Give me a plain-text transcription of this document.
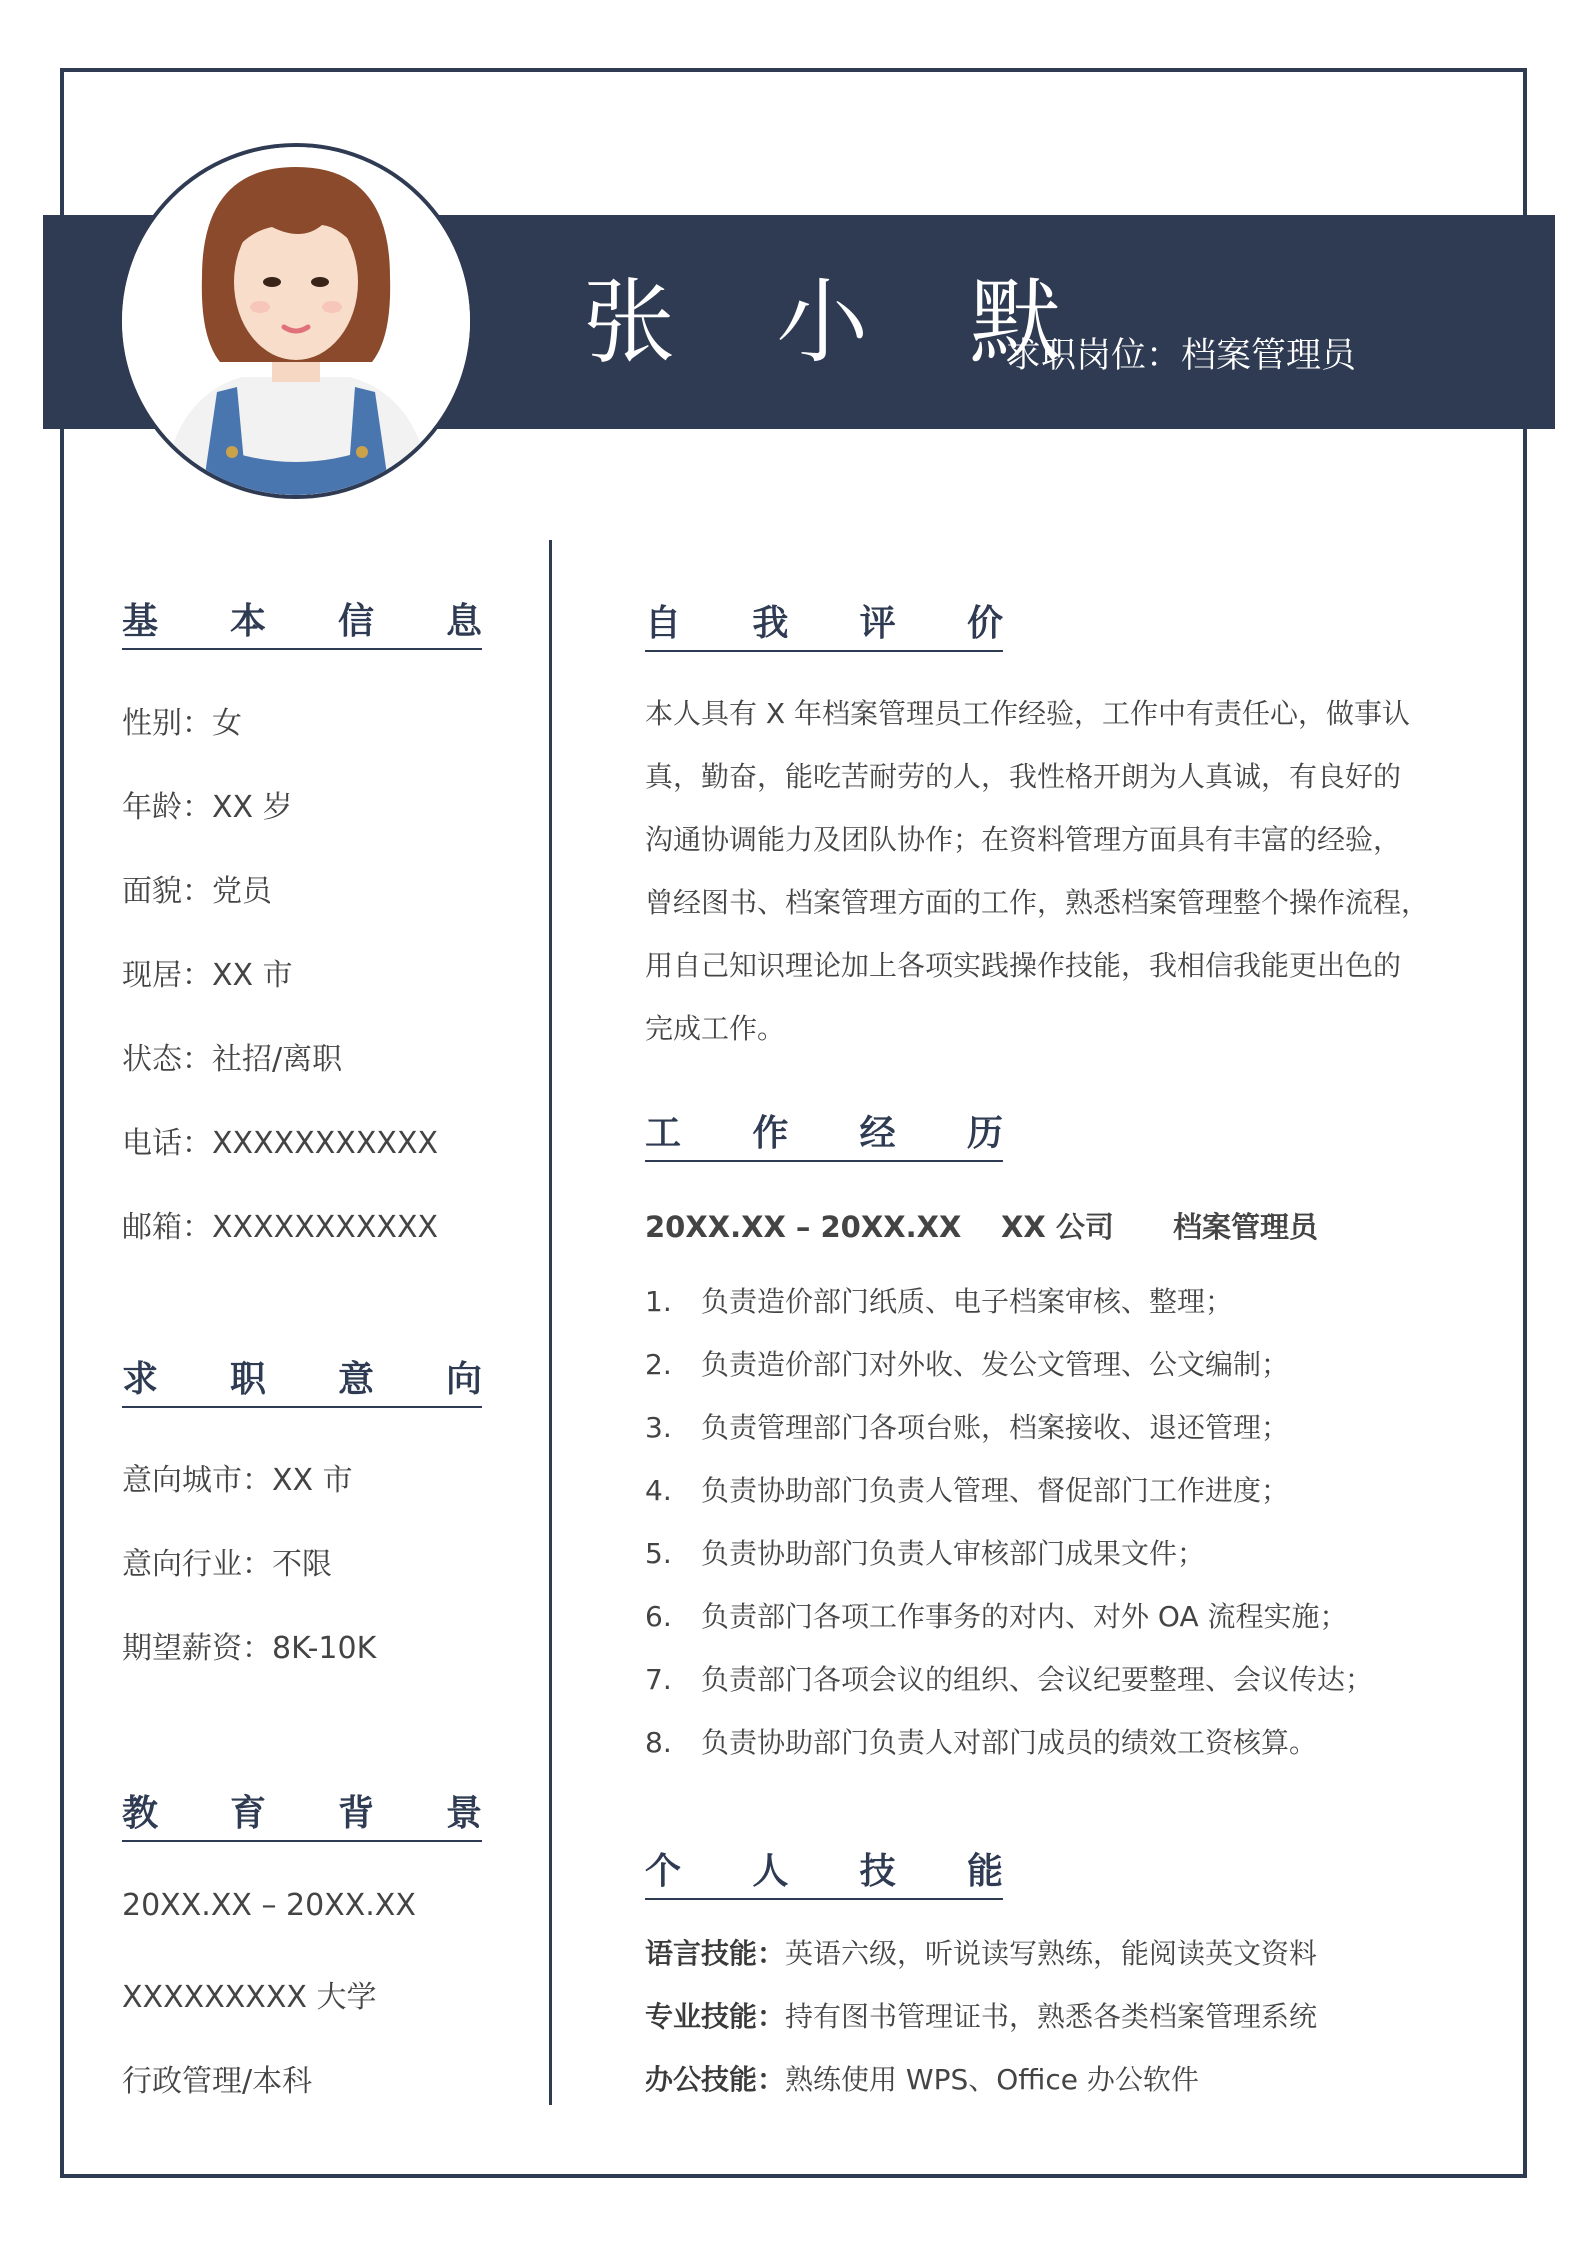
张 小 默
求职岗位：档案管理员
基 本 信 息
性别：女
年龄：XX 岁
面貌：党员
现居：XX 市
状态：社招/离职
电话：XXXXXXXXXXX
邮箱：XXXXXXXXXXX
求 职 意 向
意向城市：XX 市
意向行业：不限
期望薪资：8K-10K
教 育 背 景
20XX.XX – 20XX.XX
XXXXXXXXX 大学
行政管理/本科
自 我 评 价
本人具有 X 年档案管理员工作经验，工作中有责任心，做事认
真，勤奋，能吃苦耐劳的人，我性格开朗为人真诚，有良好的
沟通协调能力及团队协作；在资料管理方面具有丰富的经验，
曾经图书、档案管理方面的工作，熟悉档案管理整个操作流程，
用自己知识理论加上各项实践操作技能，我相信我能更出色的
完成工作。
工 作 经 历
20XX.XX – 20XX.XX XX 公司 档案管理员
1. 负责造价部门纸质、电子档案审核、整理；
2. 负责造价部门对外收、发公文管理、公文编制；
3. 负责管理部门各项台账，档案接收、退还管理；
4. 负责协助部门负责人管理、督促部门工作进度；
5. 负责协助部门负责人审核部门成果文件；
6. 负责部门各项工作事务的对内、对外 OA 流程实施；
7. 负责部门各项会议的组织、会议纪要整理、会议传达；
8. 负责协助部门负责人对部门成员的绩效工资核算。
个 人 技 能
语言技能：英语六级，听说读写熟练，能阅读英文资料
专业技能：持有图书管理证书，熟悉各类档案管理系统
办公技能：熟练使用 WPS、Office 办公软件
